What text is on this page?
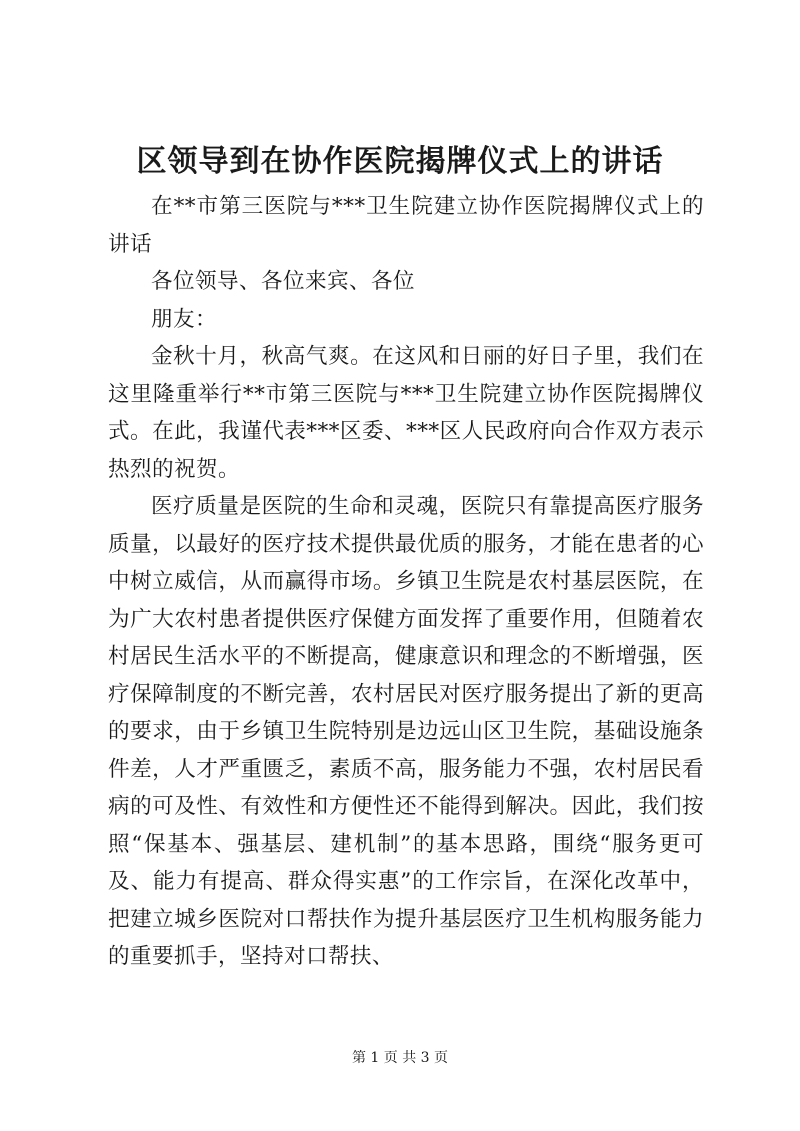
区领导到在协作医院揭牌仪式上的讲话

在**市第三医院与***卫生院建立协作医院揭牌仪式上的讲话

各位领导、各位来宾、各位

朋友：

金秋十月，秋高气爽。在这风和日丽的好日子里，我们在这里隆重举行**市第三医院与***卫生院建立协作医院揭牌仪式。在此，我谨代表***区委、***区人民政府向合作双方表示热烈的祝贺。

医疗质量是医院的生命和灵魂，医院只有靠提高医疗服务质量，以最好的医疗技术提供最优质的服务，才能在患者的心中树立威信，从而赢得市场。乡镇卫生院是农村基层医院，在为广大农村患者提供医疗保健方面发挥了重要作用，但随着农村居民生活水平的不断提高，健康意识和理念的不断增强，医疗保障制度的不断完善，农村居民对医疗服务提出了新的更高的要求，由于乡镇卫生院特别是边远山区卫生院，基础设施条件差，人才严重匮乏，素质不高，服务能力不强，农村居民看病的可及性、有效性和方便性还不能得到解决。因此，我们按照“保基本、强基层、建机制”的基本思路，围绕“服务更可及、能力有提高、群众得实惠”的工作宗旨，在深化改革中，把建立城乡医院对口帮扶作为提升基层医疗卫生机构服务能力的重要抓手，坚持对口帮扶、

第 1 页 共 3 页
